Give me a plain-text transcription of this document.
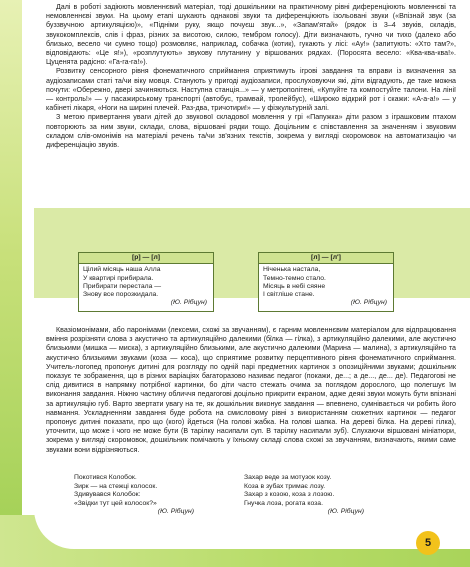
Далі в роботі задіюють мовленнєвий матеріал, тоді дошкільники на практичному рівні диференціюють мовленнєві та немовленнєві звуки. На цьому етапі шукають однакові звуки та диференціюють ізольовані звуки («Впізнай звук (за буззвучною артикуляцією)», «Підніми руку, якщо почуєш звук...», «Запам'ятай» (рядок із 3–4 звуків, складів, звукокомплексів, слів і фраз, різних за висотою, силою, тембром голосу). Діти визначають, гучно чи тихо (далеко або близько, весело чи сумно тощо) розмовляє, наприклад, собачка (котик), гукають у лісі: «Ау!» (запитують: «Хто там?», відповідають: «Це я!»), «розплутують» звукову плутанину у віршованих рядках. (Поросята весело: «Ква-ква-ква!». Цуценята радісно: «Га-га-га!»).

Розвитку сенсорного рівня фонематичного сприймання сприятимуть ігрові завдання та вправи із визначення за аудіозаписами статі та/чи віку мовця. Станують у пригоді аудіозаписи, прослуховуючи які, діти відгадують, де таке можна почути: «Обережно, двері зачиняються. Наступна станція...» — у метрополітені, «Купуйте та компостуйте талони. На лінії — контроль!» — у пасажирському транспорті (автобус, трамвай, тролейбус), «Широко відкрий рот і скажи: «А-а-а!» — у кабінеті лікаря, «Ноги на ширині плечей. Раз-два, тричотири!» — у фізкультурній залі.

З метою привертання уваги дітей до звукової складової мовлення у грі «Папужка» діти разом з іграшковим птахом повторюють за ним звуки, склади, слова, віршовані рядки тощо. Доцільним є співставлення за значенням і звуковим складом слів-омонімів на матеріалі речень та/чи зв'язних текстів, зокрема у вигляді скоромовок на автоматизацію чи диференціацію звуків.

[р] — [л]
Цілий місяць наша Алла
У квартирі прибирала.
Прибирати перестала —
Знову все порозкидала.
(Ю. Рібцун)
[л] — [л']
Ніченька настала,
Темно-темно стало.
Місяць в небі сяяне
І світліше стане.
(Ю. Рібцун)

Квазіомонімами, або паронімами (лексеми, схожі за звучанням), є гарним мовленнєвим матеріалом для відпрацювання вміння розрізняти слова з акустично та артикуляційно далекими (бі̇лка — гі̇лка), з артикуляційно далекими, але акустично близькими (мишка — миска), з артикуляційно близькими, але акустично далекими (Марина — малина), з артикуляційно та акустично близькими звуками (коза — коса), що сприятиме розвитку перцептивного рівня фонематичного сприймання. Учитель-логопед пропонує дитині для розгляду по одній парі предметних картинок з опозиційними звуками; дошкільник показує те зображення, що в різних варіаціях багаторазово називає педагог (покажи, де...; а де..., де... де). Педагогові не слід дивитися в напрямку потрібної картинки, бо діти часто стежать очима за поглядом дорослого, що полегшує їм виконання завдання. Ніжню частину обличчя педагогові доцільно прикрити екраном, адже деякі звуки можуть бути впізнані за артикуляцію губ. Варто звертати увагу на те, як дошкільник виконує завдання — впевнено, сумнівається чи робить його навмання. Ускладненням завдання буде робота на смисловому рівні з використанням сюжетних картинок — педагог пропонує дитині показати, про що (кого) йдеться (На голові жабка. На голові шапка. На дереві білка. На дереві гілка), уточнити, що може і чого не може бути (В тарілку насипали суп. В тарілку насипали зуб). Слухаючи віршовані мініатюри, зокрема у вигляді скоромовок, дошкільник помічають у їхньому складі слова схожі за звучанням, визначають, якими саме звуками вони відрізняються.

Покотився Колобок.
Зирк — на стежці колосок.
Здивувався Колобок:
«Звідки тут цей колосок?»
(Ю. Рібцун)
Захар веде за мотузок козу.
Коза в зубах тримає лозу.
Захар з козою, коза з лозою.
Гнучка лоза, рогата коза.
(Ю. Рібцун)
5
